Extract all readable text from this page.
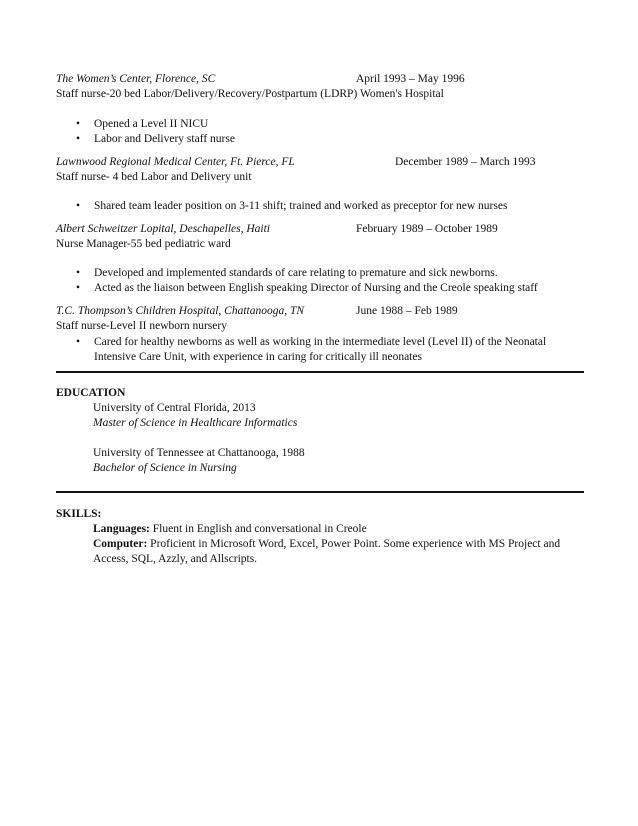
The Women’s Center, Florence, SC	April 1993 – May 1996
Staff nurse-20 bed Labor/Delivery/Recovery/Postpartum (LDRP) Women's Hospital
• Opened a Level II NICU
• Labor and Delivery staff nurse
Lawnwood Regional Medical Center, Ft. Pierce, FL	December 1989 – March 1993
Staff nurse- 4 bed Labor and Delivery unit
• Shared team leader position on 3-11 shift; trained and worked as preceptor for new nurses
Albert Schweitzer Lopital, Deschapelles, Haiti	February 1989 – October 1989
Nurse Manager-55 bed pediatric ward
• Developed and implemented standards of care relating to premature and sick newborns.
• Acted as the liaison between English speaking Director of Nursing and the Creole speaking staff
T.C. Thompson’s Children Hospital, Chattanooga, TN	June 1988 – Feb 1989
Staff nurse-Level II newborn nursery
• Cared for healthy newborns as well as working in the intermediate level (Level II) of the Neonatal Intensive Care Unit, with experience in caring for critically ill neonates
EDUCATION
University of Central Florida, 2013
Master of Science in Healthcare Informatics
University of Tennessee at Chattanooga, 1988
Bachelor of Science in Nursing
SKILLS:
Languages: Fluent in English and conversational in Creole
Computer: Proficient in Microsoft Word, Excel, Power Point. Some experience with MS Project and Access, SQL, Azzly, and Allscripts.
